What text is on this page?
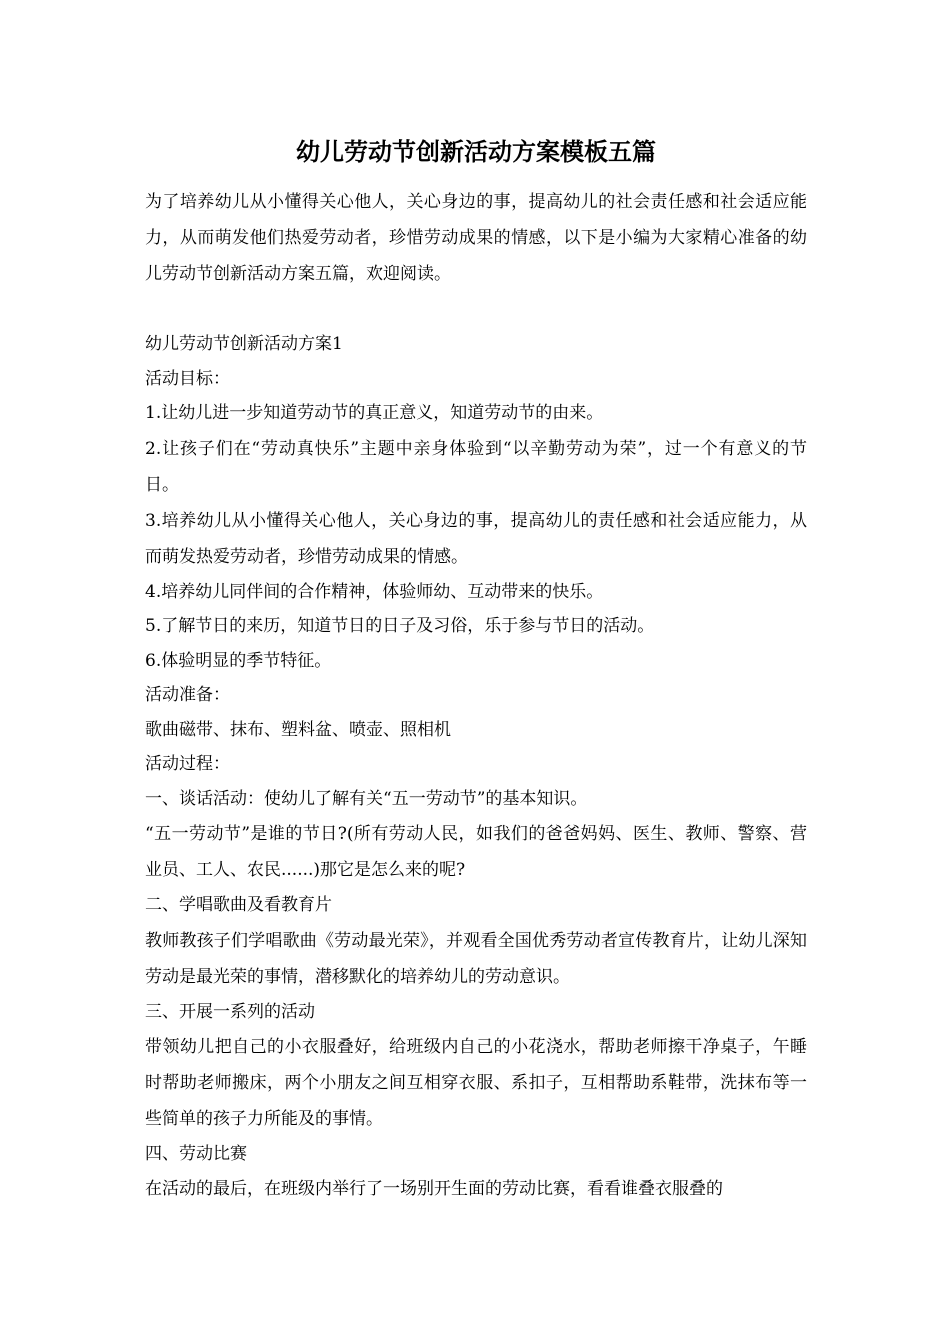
幼儿劳动节创新活动方案模板五篇

为了培养幼儿从小懂得关心他人，关心身边的事，提高幼儿的社会责任感和社会适应能力，从而萌发他们热爱劳动者，珍惜劳动成果的情感，以下是小编为大家精心准备的幼儿劳动节创新活动方案五篇，欢迎阅读。

幼儿劳动节创新活动方案1

活动目标：

1.让幼儿进一步知道劳动节的真正意义，知道劳动节的由来。

2.让孩子们在“劳动真快乐”主题中亲身体验到“以辛勤劳动为荣”，过一个有意义的节日。

3.培养幼儿从小懂得关心他人，关心身边的事，提高幼儿的责任感和社会适应能力，从而萌发热爱劳动者，珍惜劳动成果的情感。

4.培养幼儿同伴间的合作精神，体验师幼、互动带来的快乐。

5.了解节日的来历，知道节日的日子及习俗，乐于参与节日的活动。

6.体验明显的季节特征。

活动准备：

歌曲磁带、抹布、塑料盆、喷壶、照相机

活动过程：

一、谈话活动：使幼儿了解有关“五一劳动节”的基本知识。

“五一劳动节”是谁的节日?(所有劳动人民，如我们的爸爸妈妈、医生、教师、警察、营业员、工人、农民......)那它是怎么来的呢?

二、学唱歌曲及看教育片

教师教孩子们学唱歌曲《劳动最光荣》，并观看全国优秀劳动者宣传教育片，让幼儿深知劳动是最光荣的事情，潜移默化的培养幼儿的劳动意识。

三、开展一系列的活动

带领幼儿把自己的小衣服叠好，给班级内自己的小花浇水，帮助老师擦干净桌子，午睡时帮助老师搬床，两个小朋友之间互相穿衣服、系扣子，互相帮助系鞋带，洗抹布等一些简单的孩子力所能及的事情。

四、劳动比赛

在活动的最后，在班级内举行了一场别开生面的劳动比赛，看看谁叠衣服叠的
